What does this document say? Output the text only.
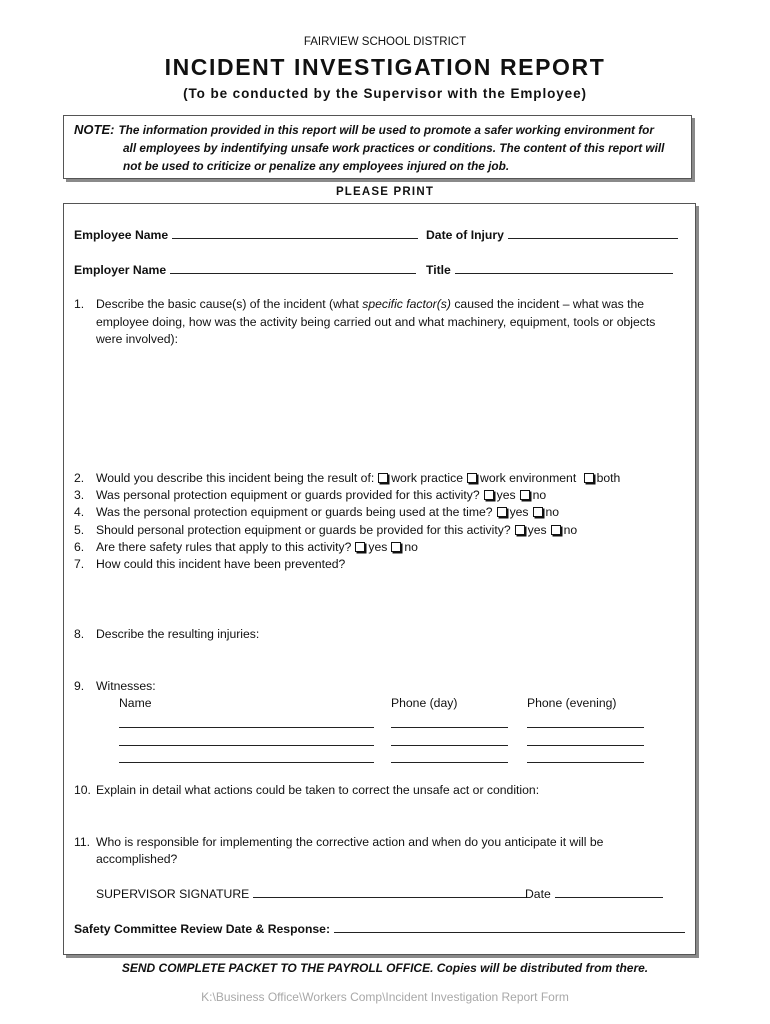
FAIRVIEW SCHOOL DISTRICT
INCIDENT INVESTIGATION REPORT
(To be conducted by the Supervisor with the Employee)
NOTE: The information provided in this report will be used to promote a safer working environment for
all employees by indentifying unsafe work practices or conditions. The content of this report will
not be used to criticize or penalize any employees injured on the job.
PLEASE PRINT
Employee Name	Date of Injury
Employer Name	Title
1. Describe the basic cause(s) of the incident (what specific factor(s) caused the incident – what was the
employee doing, how was the activity being carried out and what machinery, equipment, tools or objects
were involved):
2. Would you describe this incident being the result of: work practice work environment both
3. Was personal protection equipment or guards provided for this activity? yes no
4. Was the personal protection equipment or guards being used at the time? yes no
5. Should personal protection equipment or guards be provided for this activity? yes no
6. Are there safety rules that apply to this activity? yes no
7. How could this incident have been prevented?
8. Describe the resulting injuries:
9. Witnesses:
Name	Phone (day)	Phone (evening)
10. Explain in detail what actions could be taken to correct the unsafe act or condition:
11. Who is responsible for implementing the corrective action and when do you anticipate it will be
accomplished?
SUPERVISOR SIGNATURE	Date
Safety Committee Review Date & Response:
SEND COMPLETE PACKET TO THE PAYROLL OFFICE. Copies will be distributed from there.
K:\Business Office\Workers Comp\Incident Investigation Report Form
